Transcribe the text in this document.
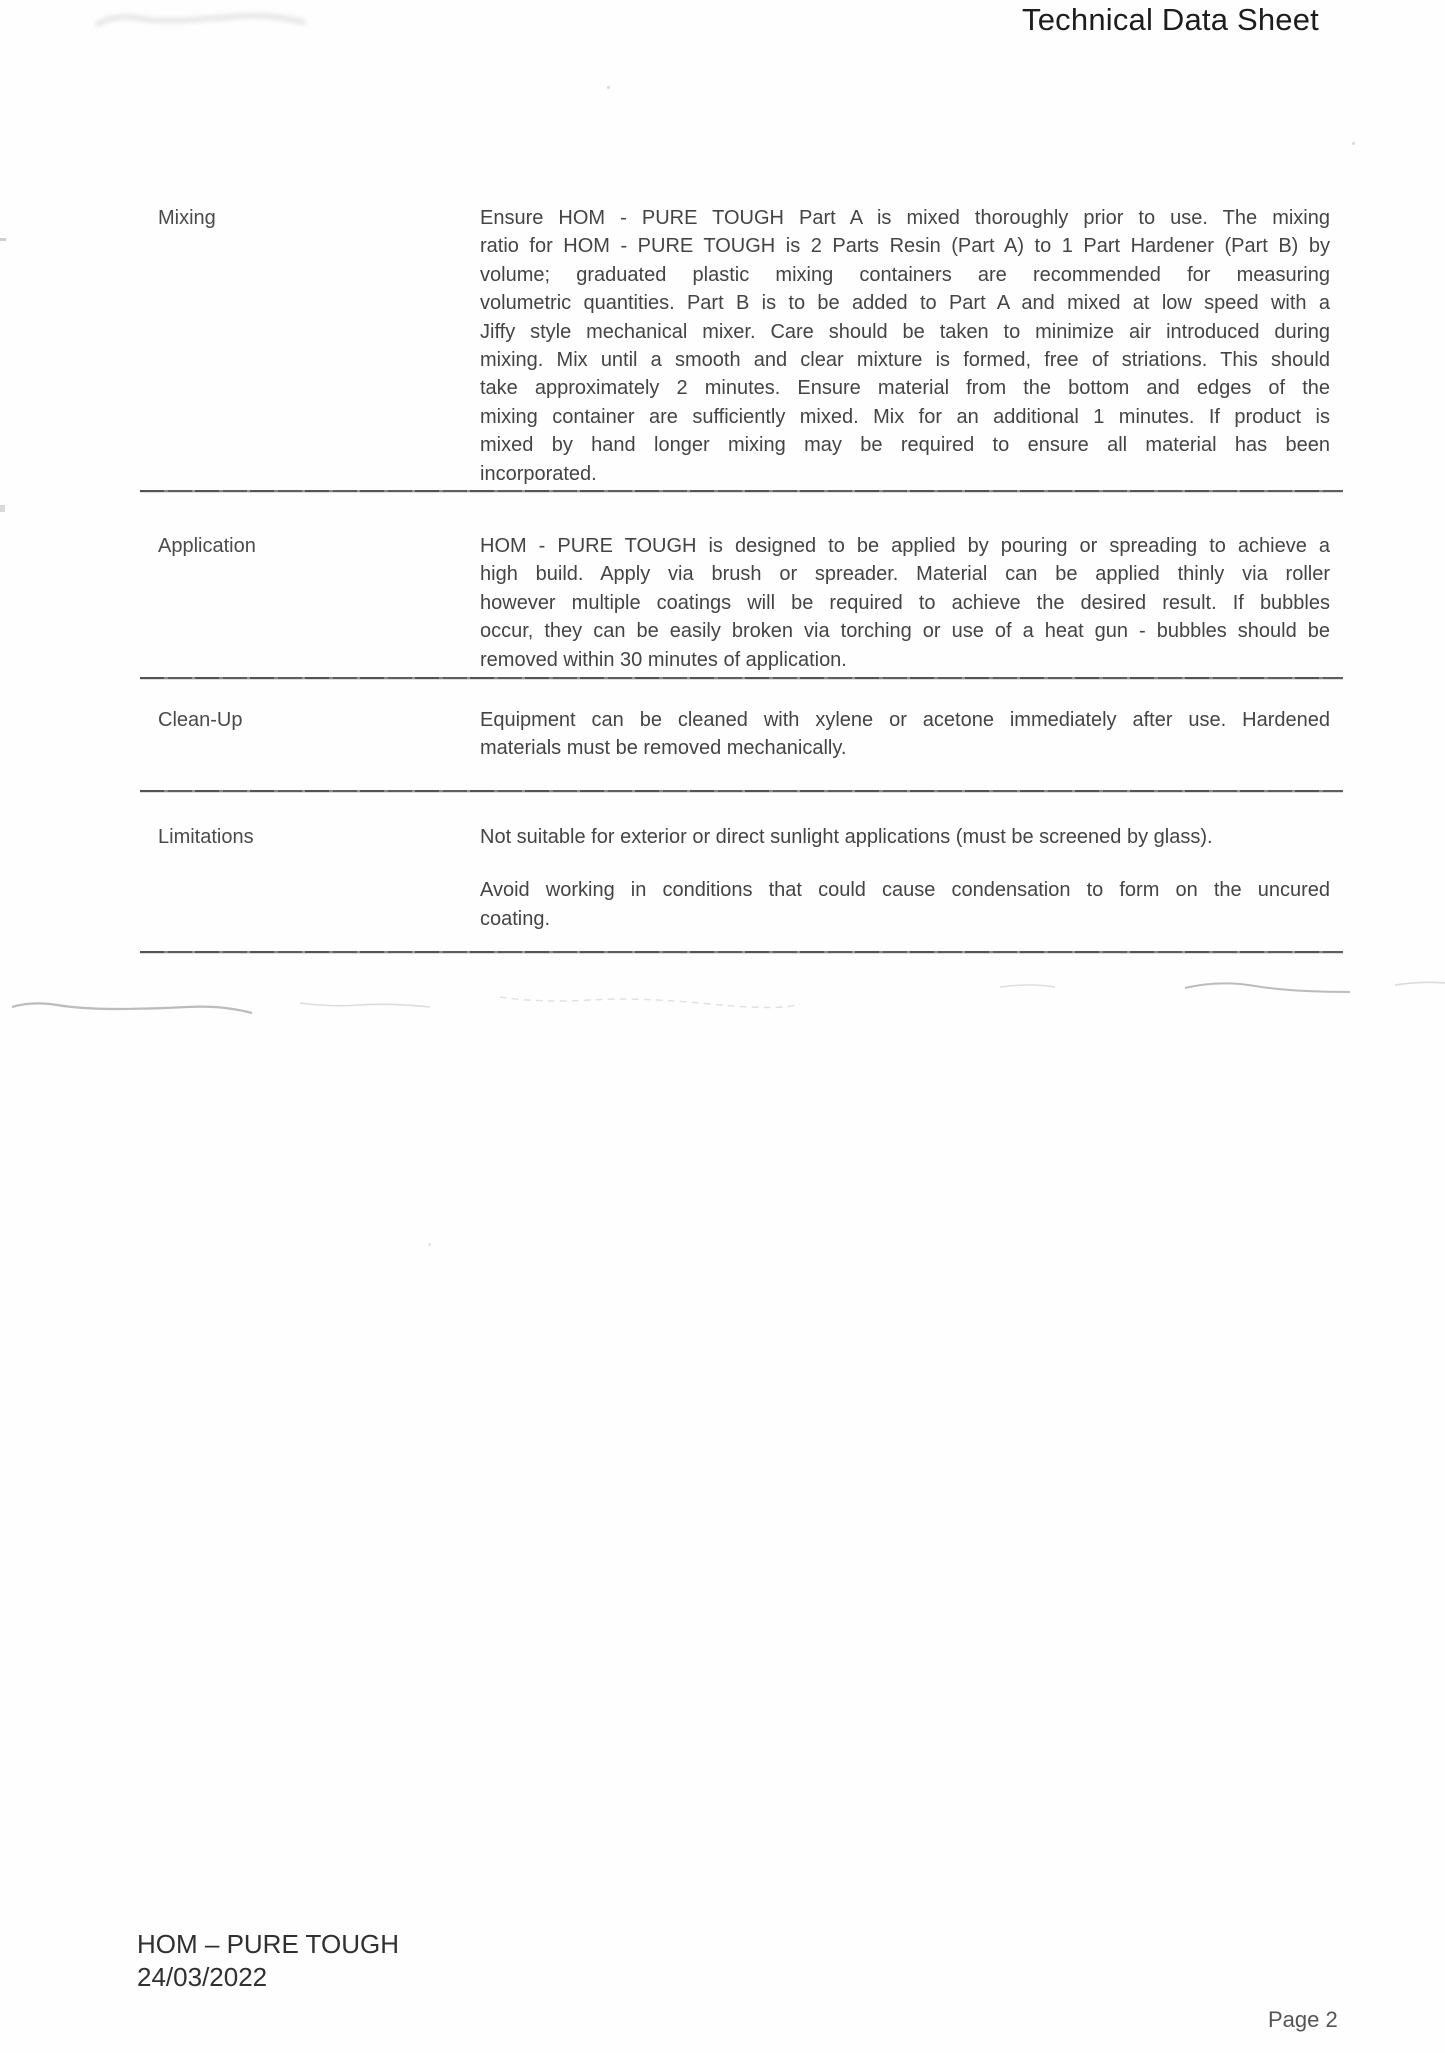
Technical Data Sheet
Mixing	Ensure HOM - PURE TOUGH Part A is mixed thoroughly prior to use. The mixing
ratio for HOM - PURE TOUGH is 2 Parts Resin (Part A) to 1 Part Hardener (Part B) by
volume; graduated plastic mixing containers are recommended for measuring
volumetric quantities. Part B is to be added to Part A and mixed at low speed with a
Jiffy style mechanical mixer. Care should be taken to minimize air introduced during
mixing. Mix until a smooth and clear mixture is formed, free of striations. This should
take approximately 2 minutes. Ensure material from the bottom and edges of the
mixing container are sufficiently mixed. Mix for an additional 1 minutes. If product is
mixed by hand longer mixing may be required to ensure all material has been
incorporated.
Application	HOM - PURE TOUGH is designed to be applied by pouring or spreading to achieve a
high build. Apply via brush or spreader. Material can be applied thinly via roller
however multiple coatings will be required to achieve the desired result. If bubbles
occur, they can be easily broken via torching or use of a heat gun - bubbles should be
removed within 30 minutes of application.
Clean-Up	Equipment can be cleaned with xylene or acetone immediately after use. Hardened
materials must be removed mechanically.
Limitations	Not suitable for exterior or direct sunlight applications (must be screened by glass).
Avoid working in conditions that could cause condensation to form on the uncured
coating.
HOM – PURE TOUGH
24/03/2022
Page 2
